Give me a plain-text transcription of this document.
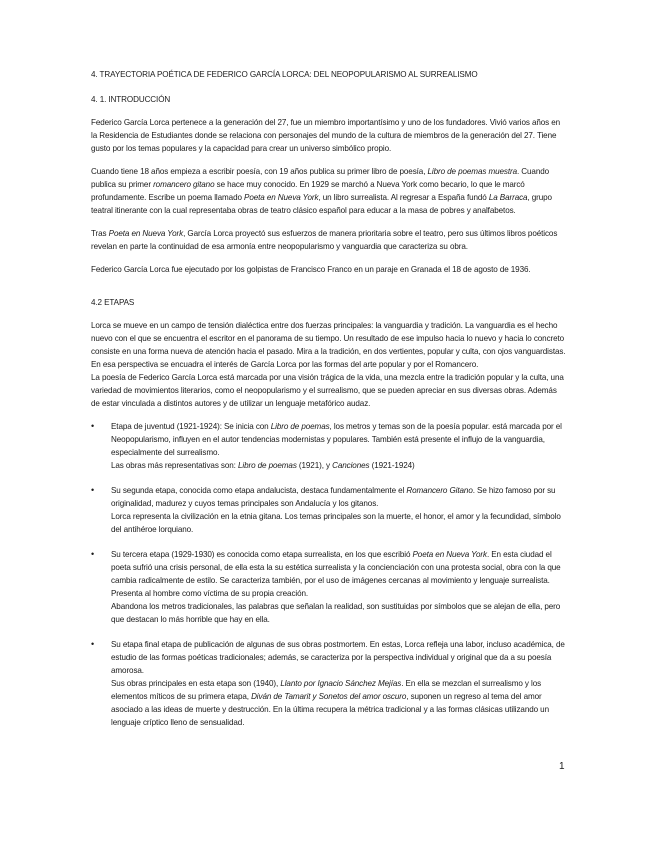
4. TRAYECTORIA POÉTICA DE FEDERICO GARCÍA LORCA: DEL NEOPOPULARISMO AL SURREALISMO
4. 1. INTRODUCCIÓN

Federico García Lorca pertenece a la generación del 27, fue un miembro importantísimo y uno de los fundadores. Vivió varios años en la Residencia de Estudiantes donde se relaciona con personajes del mundo de la cultura de miembros de la generación del 27. Tiene gusto por los temas populares y la capacidad para crear un universo simbólico propio.

Cuando tiene 18 años empieza a escribir poesía, con 19 años publica su primer libro de poesía, Libro de poemas muestra. Cuando publica su primer romancero gitano se hace muy conocido. En 1929 se marchó a Nueva York como becario, lo que le marcó profundamente. Escribe un poema llamado Poeta en Nueva York, un libro surrealista. Al regresar a España fundó La Barraca, grupo teatral itinerante con la cual representaba obras de teatro clásico español para educar a la masa de pobres y analfabetos.

Tras Poeta en Nueva York, García Lorca proyectó sus esfuerzos de manera prioritaria sobre el teatro, pero sus últimos libros poéticos revelan en parte la continuidad de esa armonía entre neopopularismo y vanguardia que caracteriza su obra.

Federico García Lorca fue ejecutado por los golpistas de Francisco Franco en un paraje en Granada el 18 de agosto de 1936.

4.2 ETAPAS
Lorca se mueve en un campo de tensión dialéctica entre dos fuerzas principales: la vanguardia y tradición. La vanguardia es el hecho nuevo con el que se encuentra el escritor en el panorama de su tiempo. Un resultado de ese impulso hacia lo nuevo y hacia lo concreto consiste en una forma nueva de atención hacia el pasado. Mira a la tradición, en dos vertientes, popular y culta, con ojos vanguardistas. En esa perspectiva se encuadra el interés de García Lorca por las formas del arte popular y por el Romancero.

La poesía de Federico García Lorca está marcada por una visión trágica de la vida, una mezcla entre la tradición popular y la culta, una variedad de movimientos literarios, como el neopopularismo y el surrealismo, que se pueden apreciar en sus diversas obras. Además de estar vinculada a distintos autores y de utilizar un lenguaje metafórico audaz.

• Etapa de juventud (1921-1924): Se inicia con Libro de poemas, los metros y temas son de la poesía popular. está marcada por el Neopopularismo, influyen en el autor tendencias modernistas y populares. También está presente el influjo de la vanguardia, especialmente del surrealismo.
Las obras más representativas son: Libro de poemas (1921), y Canciones (1921-1924)
• Su segunda etapa, conocida como etapa andalucista, destaca fundamentalmente el Romancero Gitano. Se hizo famoso por su originalidad, madurez y cuyos temas principales son Andalucía y los gitanos.
Lorca representa la civilización en la etnia gitana. Los temas principales son la muerte, el honor, el amor y la fecundidad, símbolo del antihéroe lorquiano.
• Su tercera etapa (1929-1930) es conocida como etapa surrealista, en los que escribió Poeta en Nueva York. En esta ciudad el poeta sufrió una crisis personal, de ella esta la su estética surrealista y la concienciación con una protesta social, obra con la que cambia radicalmente de estilo. Se caracteriza también, por el uso de imágenes cercanas al movimiento y lenguaje surrealista. Presenta al hombre como víctima de su propia creación.
Abandona los metros tradicionales, las palabras que señalan la realidad, son sustituidas por símbolos que se alejan de ella, pero que destacan lo más horrible que hay en ella.
• Su etapa final etapa de publicación de algunas de sus obras postmortem. En estas, Lorca refleja una labor, incluso académica, de estudio de las formas poéticas tradicionales; además, se caracteriza por la perspectiva individual y original que da a su poesía amorosa.
Sus obras principales en esta etapa son (1940), Llanto por Ignacio Sánchez Mejías. En ella se mezclan el surrealismo y los elementos míticos de su primera etapa, Diván de Tamarit y Sonetos del amor oscuro, suponen un regreso al tema del amor asociado a las ideas de muerte y destrucción. En la última recupera la métrica tradicional y a las formas clásicas utilizando un lenguaje críptico lleno de sensualidad.
1
